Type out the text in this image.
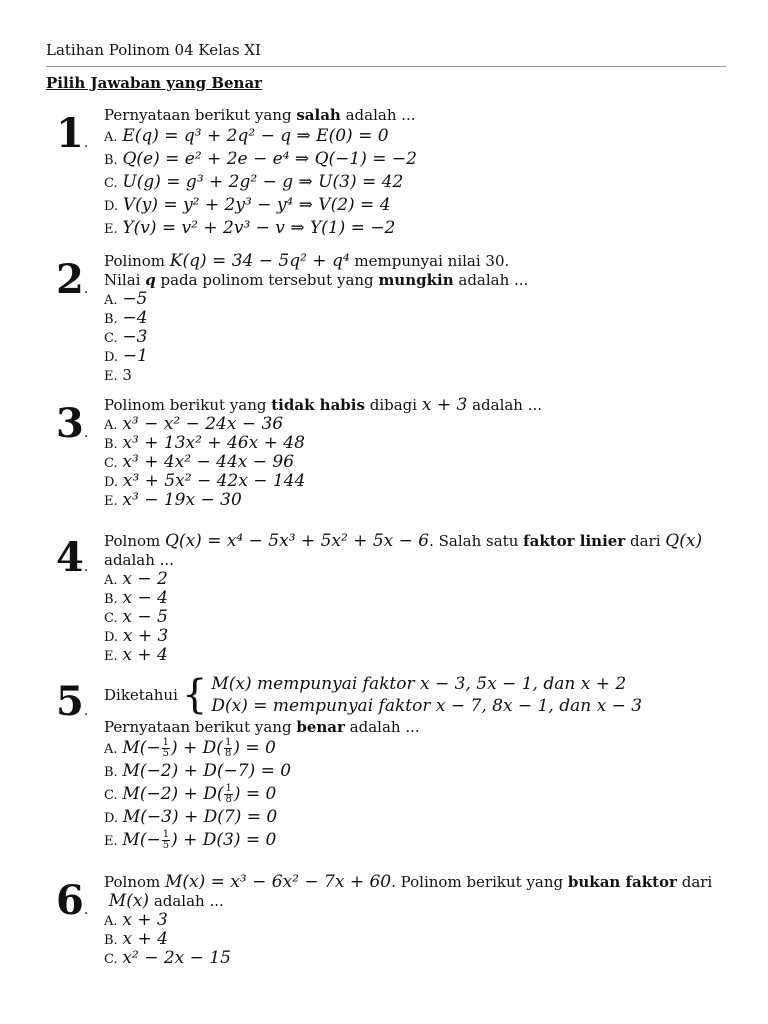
Latihan Polinom 04 Kelas XI
Pilih Jawaban yang Benar
1.
Pernyataan berikut yang salah adalah ...
A. E(q) = q³ + 2q² − q ⇒ E(0) = 0
B. Q(e) = e² + 2e − e⁴ ⇒ Q(−1) = −2
C. U(g) = g³ + 2g² − g ⇒ U(3) = 42
D. V(y) = y² + 2y³ − y⁴ ⇒ V(2) = 4
E. Y(v) = v² + 2v³ − v ⇒ Y(1) = −2
2.
Polinom K(q) = 34 − 5q² + q⁴ mempunyai nilai 30.
Nilai q pada polinom tersebut yang mungkin adalah ...
A. −5
B. −4
C. −3
D. −1
E. 3
3.
Polinom berikut yang tidak habis dibagi x + 3 adalah ...
A. x³ − x² − 24x − 36
B. x³ + 13x² + 46x + 48
C. x³ + 4x² − 44x − 96
D. x³ + 5x² − 42x − 144
E. x³ − 19x − 30
4.
Polnom Q(x) = x⁴ − 5x³ + 5x² + 5x − 6. Salah satu faktor linier dari Q(x)
adalah ...
A. x − 2
B. x − 4
C. x − 5
D. x + 3
E. x + 4
5.
Diketahui { M(x) mempunyai faktor x − 3, 5x − 1, dan x + 2
D(x) = mempunyai faktor x − 7, 8x − 1, dan x − 3
Pernyataan berikut yang benar adalah ...
A. $M(- \frac{1}{5}$ ) + $D( \frac{1}{8}$ ) = 0
B. M(−2) + D(−7) = 0
C. $M(-2) + D( \frac{1}{8}$ ) = 0
D. M(−3) + D(7) = 0
E. $M(- \frac{1}{5}$ ) + D(3) = 0
6.
Polnom M(x) = x³ − 6x² − 7x + 60. Polinom berikut yang bukan faktor dari
M(x) adalah ...
A. x + 3
B. x + 4
C. x² − 2x − 15
